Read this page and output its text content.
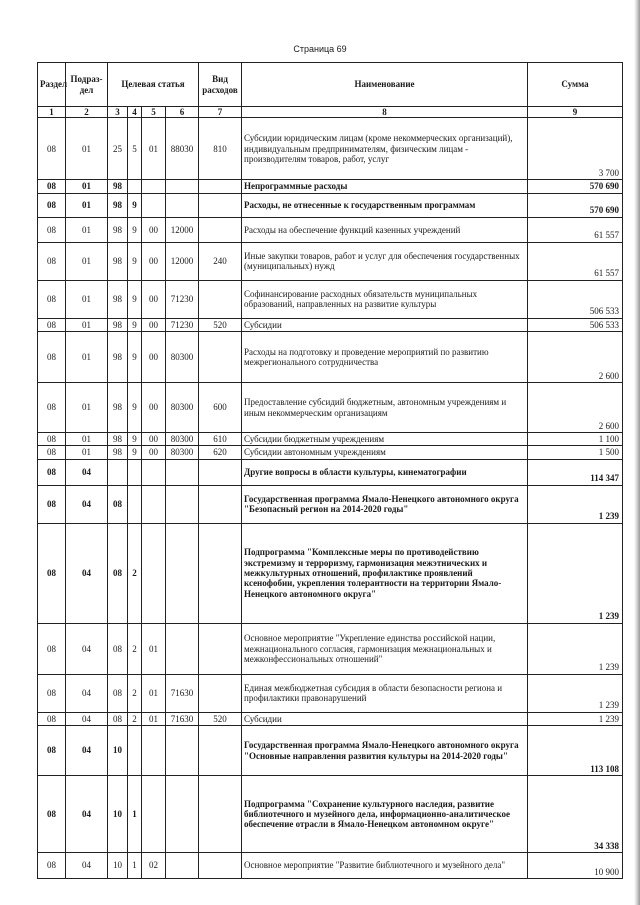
Страница 69
Раздел	Подраз-дел	Целевая статья				Вид расходов	Наименование	Сумма
1	2	3	4	5	6	7	8	9
08	01	25	5	01	88030	810	Субсидии юридическим лицам (кроме некоммерческих организаций), индивидуальным предпринимателям, физическим лицам - производителям товаров, работ, услуг	3 700
08	01	98					Непрограммные расходы	570 690
08	01	98	9				Расходы, не отнесенные к государственным программам	570 690
08	01	98	9	00	12000		Расходы на обеспечение функций казенных учреждений	61 557
08	01	98	9	00	12000	240	Иные закупки товаров, работ и услуг для обеспечения государственных (муниципальных) нужд	61 557
08	01	98	9	00	71230		Софинансирование расходных обязательств муниципальных образований, направленных на развитие культуры	506 533
08	01	98	9	00	71230	520	Субсидии	506 533
08	01	98	9	00	80300		Расходы на подготовку и проведение мероприятий по развитию межрегионального сотрудничества	2 600
08	01	98	9	00	80300	600	Предоставление субсидий бюджетным, автономным учреждениям и иным некоммерческим организациям	2 600
08	01	98	9	00	80300	610	Субсидии бюджетным учреждениям	1 100
08	01	98	9	00	80300	620	Субсидии автономным учреждениям	1 500
08	04						Другие вопросы в области культуры, кинематографии	114 347
08	04	08					Государственная программа Ямало-Ненецкого автономного округа "Безопасный регион на 2014-2020 годы"	1 239
08	04	08	2				Подпрограмма "Комплексные меры по противодействию экстремизму и терроризму, гармонизация межэтнических и межкультурных отношений, профилактике проявлений ксенофобии, укрепления толерантности на территории Ямало-Ненецкого автономного округа"	1 239
08	04	08	2	01			Основное мероприятие "Укрепление единства российской нации, межнационального согласия, гармонизация межнациональных и межконфессиональных отношений"	1 239
08	04	08	2	01	71630		Единая межбюджетная субсидия в области безопасности региона и профилактики правонарушений	1 239
08	04	08	2	01	71630	520	Субсидии	1 239
08	04	10					Государственная программа Ямало-Ненецкого автономного округа "Основные направления развития культуры на 2014-2020 годы"	113 108
08	04	10	1				Подпрограмма "Сохранение культурного наследия, развитие библиотечного и музейного дела, информационно-аналитическое обеспечение отрасли в Ямало-Ненецком автономном округе"	34 338
08	04	10	1	02			Основное мероприятие "Развитие библиотечного и музейного дела"	10 900
